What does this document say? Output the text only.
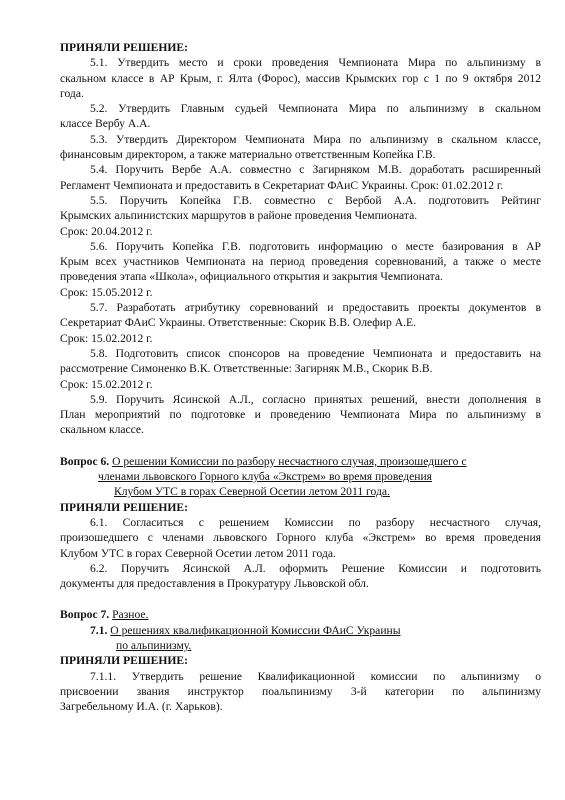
ПРИНЯЛИ РЕШЕНИЕ:

5.1. Утвердить место и сроки проведения Чемпионата Мира по альпинизму в
скальном классе в АР Крым, г. Ялта (Форос), массив Крымских гор с 1 по 9 октября 2012
года.
5.2. Утвердить Главным судьей Чемпионата Мира по альпинизму в скальном
классе Вербу А.А.
5.3. Утвердить Директором Чемпионата Мира по альпинизму в скальном классе,
финансовым директором, а также материально ответственным Копейка Г.В.
5.4. Поручить Вербе А.А. совместно с Загирняком М.В. доработать расширенный
Регламент Чемпионата и предоставить в Секретариат ФАиС Украины. Срок: 01.02.2012 г.
5.5. Поручить Копейка Г.В. совместно с Вербой А.А. подготовить Рейтинг
Крымских альпинистских маршрутов в районе проведения Чемпионата.
Срок: 20.04.2012 г.
5.6. Поручить Копейка Г.В. подготовить информацию о месте базирования в АР
Крым всех участников Чемпионата на период проведения соревнований, а также о месте
проведения этапа «Школа», официального открытия и закрытия Чемпионата.
Срок: 15.05.2012 г.
5.7. Разработать атрибутику соревнований и предоставить проекты документов в
Секретариат ФАиС Украины. Ответственные: Скорик В.В. Олефир А.Е.
Срок: 15.02.2012 г.
5.8. Подготовить список спонсоров на проведение Чемпионата и предоставить на
рассмотрение Симоненко В.К. Ответственные: Загирняк М.В., Скорик В.В.
Срок: 15.02.2012 г.
5.9. Поручить Ясинской А.Л., согласно принятых решений, внести дополнения в
План мероприятий по подготовке и проведению Чемпионата Мира по альпинизму в
скальном классе.
Вопрос 6. О решении Комиссии по разбору несчастного случая, произошедшего с
членами львовского Горного клуба «Экстрем» во время проведения
Клубом УТС в горах Северной Осетии летом 2011 года.

ПРИНЯЛИ РЕШЕНИЕ:

6.1. Согласиться с решением Комиссии по разбору несчастного случая,
произошедшего с членами львовского Горного клуба «Экстрем» во время проведения
Клубом УТС в горах Северной Осетии летом 2011 года.
6.2. Поручить Ясинской А.Л. оформить Решение Комиссии и подготовить
документы для предоставления в Прокуратуру Львовской обл.
Вопрос 7. Разное.
7.1. О решениях квалификационной Комиссии ФАиС Украины
по альпинизму.

ПРИНЯЛИ РЕШЕНИЕ:

7.1.1. Утвердить решение Квалификационной комиссии по альпинизму о
присвоении звания инструктор поальпинизму 3-й категории по альпинизму
Загребельному И.А. (г. Харьков).
